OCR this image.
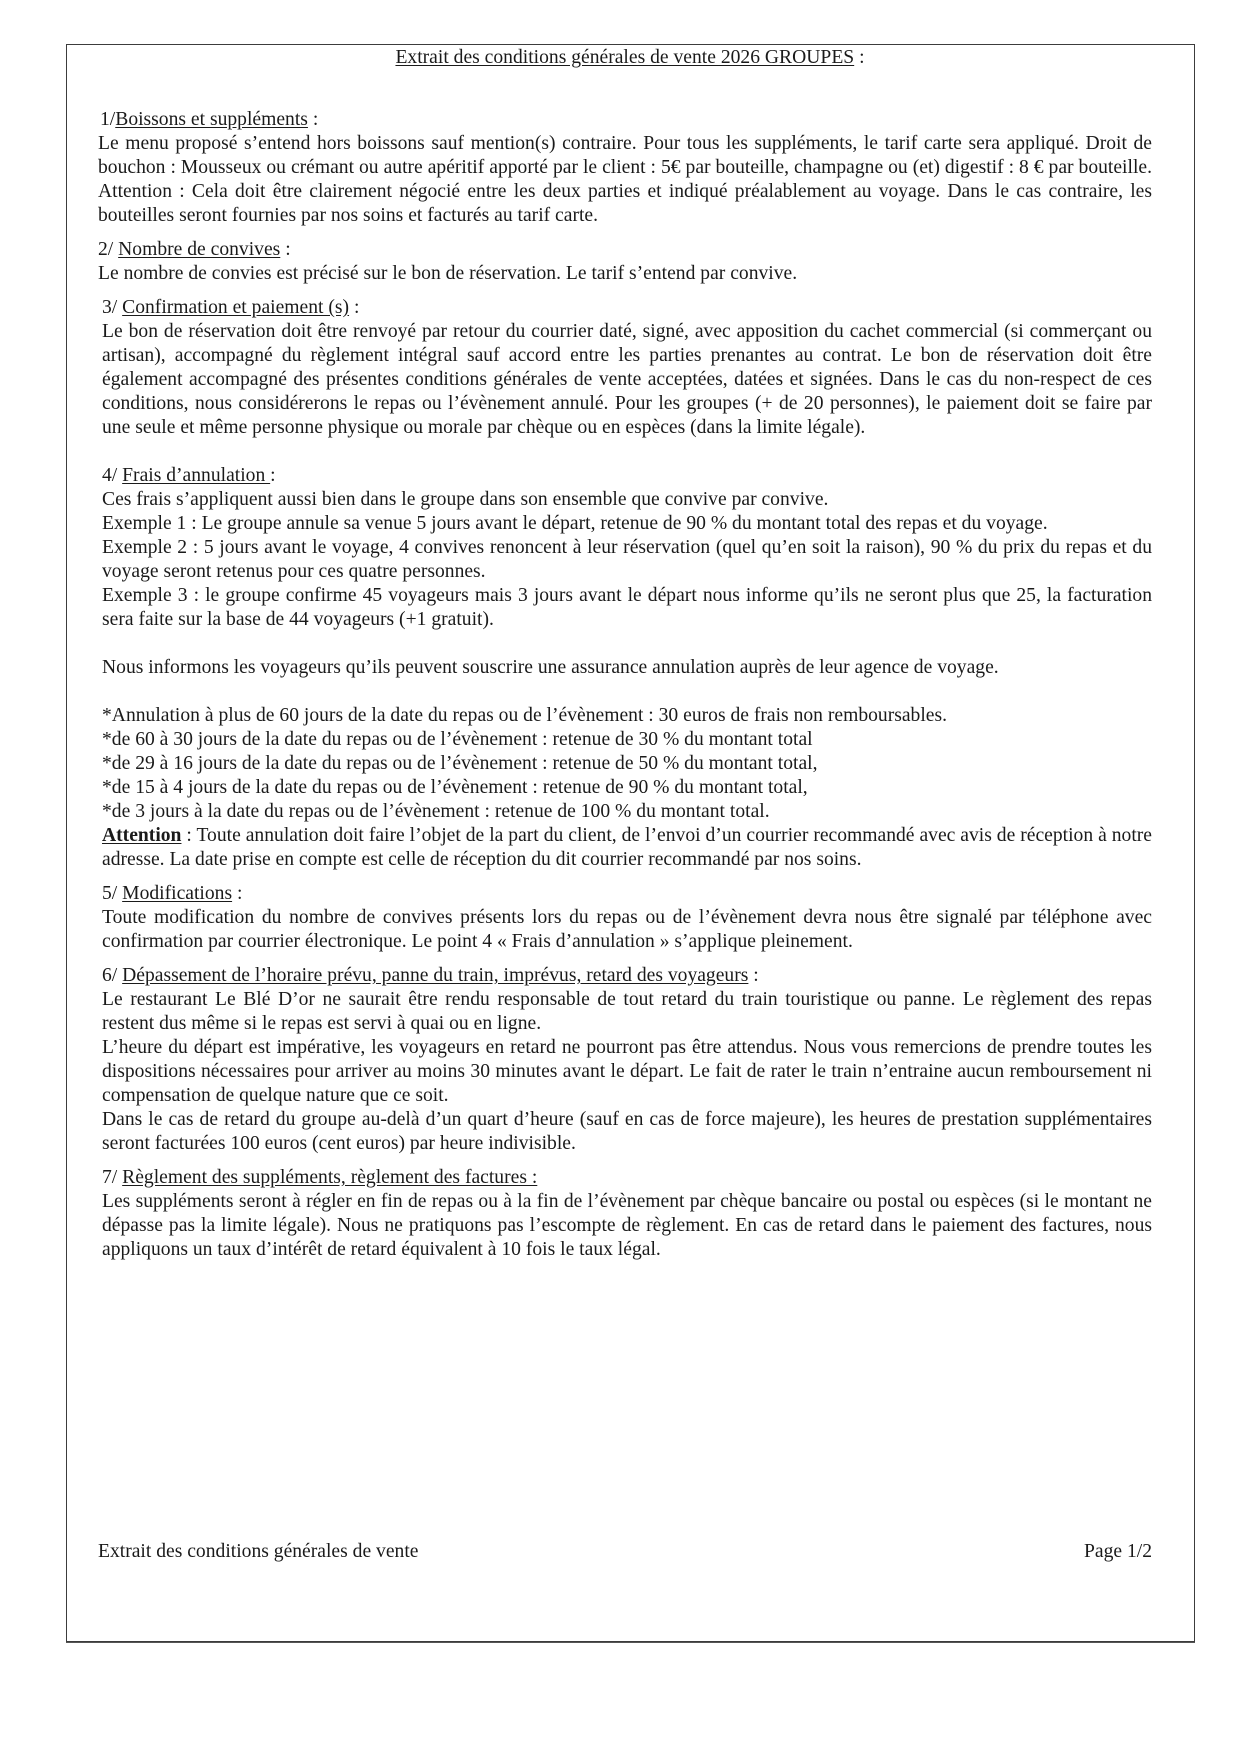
Extrait des conditions générales de vente 2026 GROUPES :
1/Boissons et suppléments :

Le menu proposé s’entend hors boissons sauf mention(s) contraire. Pour tous les suppléments, le tarif carte sera appliqué. Droit de bouchon : Mousseux ou crémant ou autre apéritif apporté par le client : 5€ par bouteille, champagne ou (et) digestif : 8 € par bouteille. Attention : Cela doit être clairement négocié entre les deux parties et indiqué préalablement au voyage. Dans le cas contraire, les bouteilles seront fournies par nos soins et facturés au tarif carte.

2/ Nombre de convives :

Le nombre de convies est précisé sur le bon de réservation. Le tarif s’entend par convive.

3/ Confirmation et paiement (s) :

Le bon de réservation doit être renvoyé par retour du courrier daté, signé, avec apposition du cachet commercial (si commerçant ou artisan), accompagné du règlement intégral sauf accord entre les parties prenantes au contrat. Le bon de réservation doit être également accompagné des présentes conditions générales de vente acceptées, datées et signées. Dans le cas du non-respect de ces conditions, nous considérerons le repas ou l’évènement annulé. Pour les groupes (+ de 20 personnes), le paiement doit se faire par une seule et même personne physique ou morale par chèque ou en espèces (dans la limite légale).

4/ Frais d’annulation :

Ces frais s’appliquent aussi bien dans le groupe dans son ensemble que convive par convive.

Exemple 1 : Le groupe annule sa venue 5 jours avant le départ, retenue de 90 % du montant total des repas et du voyage.

Exemple 2 : 5 jours avant le voyage, 4 convives renoncent à leur réservation (quel qu’en soit la raison), 90 % du prix du repas et du voyage seront retenus pour ces quatre personnes.

Exemple 3 : le groupe confirme 45 voyageurs mais 3 jours avant le départ nous informe qu’ils ne seront plus que 25, la facturation sera faite sur la base de 44 voyageurs (+1 gratuit).

Nous informons les voyageurs qu’ils peuvent souscrire une assurance annulation auprès de leur agence de voyage.

*Annulation à plus de 60 jours de la date du repas ou de l’évènement : 30 euros de frais non remboursables.

*de 60 à 30 jours de la date du repas ou de l’évènement : retenue de 30 % du montant total

*de 29 à 16 jours de la date du repas ou de l’évènement : retenue de 50 % du montant total,

*de 15 à 4 jours de la date du repas ou de l’évènement : retenue de 90 % du montant total,

*de 3 jours à la date du repas ou de l’évènement : retenue de 100 % du montant total.

Attention : Toute annulation doit faire l’objet de la part du client, de l’envoi d’un courrier recommandé avec avis de réception à notre adresse. La date prise en compte est celle de réception du dit courrier recommandé par nos soins.

5/ Modifications :

Toute modification du nombre de convives présents lors du repas ou de l’évènement devra nous être signalé par téléphone avec confirmation par courrier électronique. Le point 4 « Frais d’annulation » s’applique pleinement.

6/ Dépassement de l’horaire prévu, panne du train, imprévus, retard des voyageurs :

Le restaurant Le Blé D’or ne saurait être rendu responsable de tout retard du train touristique ou panne. Le règlement des repas restent dus même si le repas est servi à quai ou en ligne.

L’heure du départ est impérative, les voyageurs en retard ne pourront pas être attendus. Nous vous remercions de prendre toutes les dispositions nécessaires pour arriver au moins 30 minutes avant le départ. Le fait de rater le train n’entraine aucun remboursement ni compensation de quelque nature que ce soit.

Dans le cas de retard du groupe au-delà d’un quart d’heure (sauf en cas de force majeure), les heures de prestation supplémentaires seront facturées 100 euros (cent euros) par heure indivisible.

7/ Règlement des suppléments, règlement des factures :

Les suppléments seront à régler en fin de repas ou à la fin de l’évènement par chèque bancaire ou postal ou espèces (si le montant ne dépasse pas la limite légale). Nous ne pratiquons pas l’escompte de règlement. En cas de retard dans le paiement des factures, nous appliquons un taux d’intérêt de retard équivalent à 10 fois le taux légal.

Extrait des conditions générales de vente	Page 1/2
